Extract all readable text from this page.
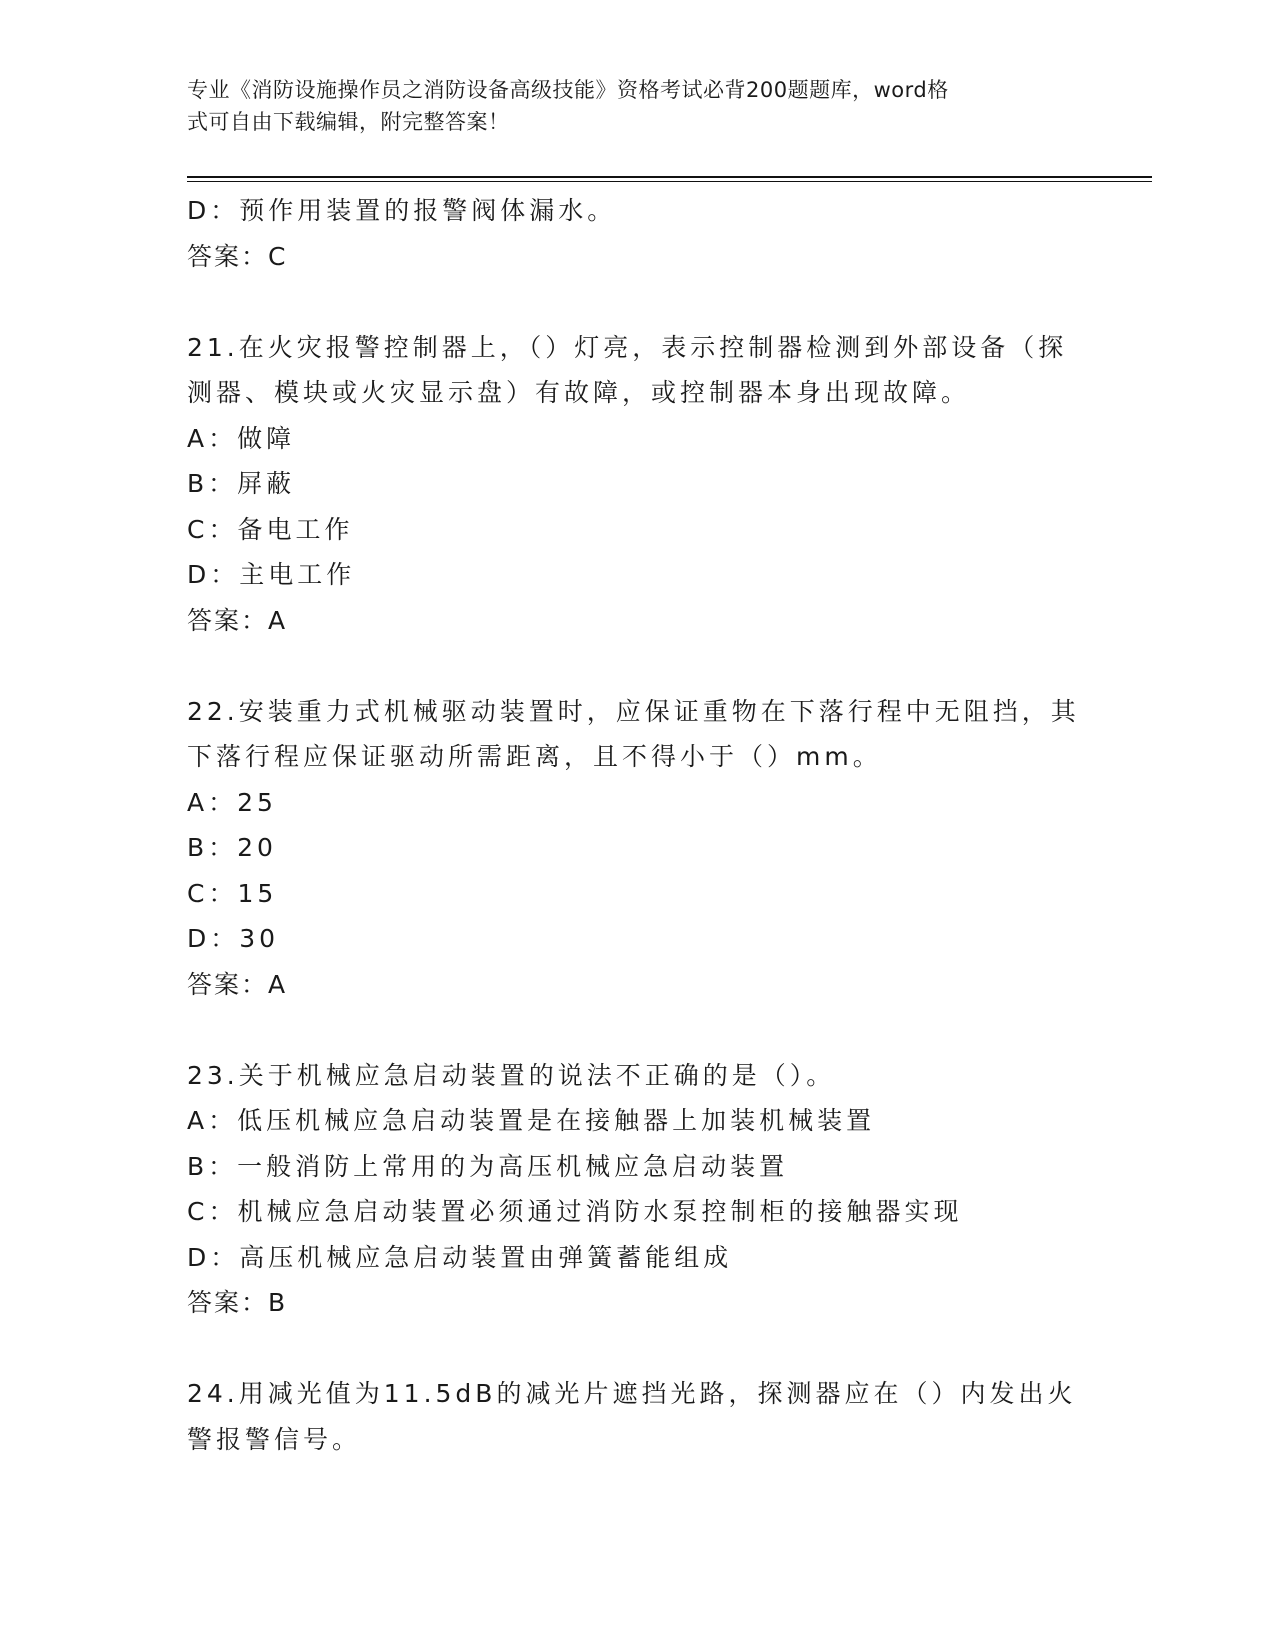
专业《消防设施操作员之消防设备高级技能》资格考试必背200题题库，word格
式可自由下载编辑，附完整答案！
D：预作用装置的报警阀体漏水。
答案：C
21.在火灾报警控制器上，（）灯亮，表示控制器检测到外部设备（探
测器、模块或火灾显示盘）有故障，或控制器本身出现故障。
A：做障
B：屏蔽
C：备电工作
D：主电工作
答案：A
22.安装重力式机械驱动装置时，应保证重物在下落行程中无阻挡，其
下落行程应保证驱动所需距离，且不得小于（）mm。
A：25
B：20
C：15
D：30
答案：A
23.关于机械应急启动装置的说法不正确的是（）。
A：低压机械应急启动装置是在接触器上加装机械装置
B：一般消防上常用的为高压机械应急启动装置
C：机械应急启动装置必须通过消防水泵控制柜的接触器实现
D：高压机械应急启动装置由弹簧蓄能组成
答案：B
24.用减光值为11.5dB的减光片遮挡光路，探测器应在（）内发出火
警报警信号。
